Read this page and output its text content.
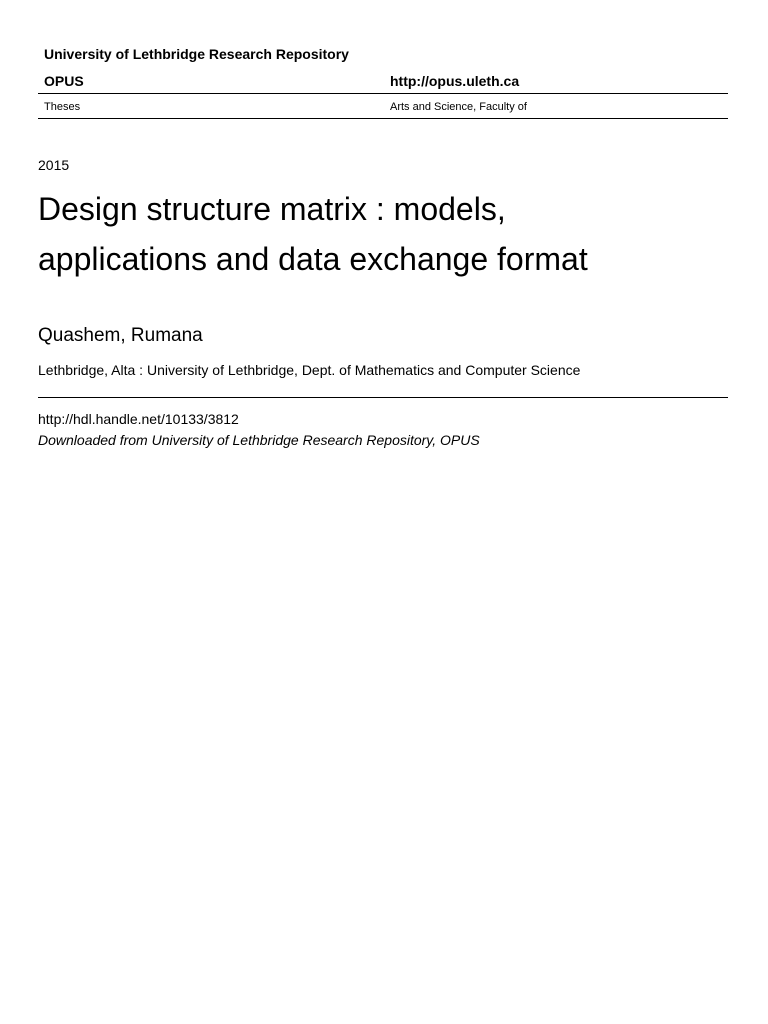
University of Lethbridge Research Repository
OPUS	http://opus.uleth.ca
Theses	Arts and Science, Faculty of
2015
Design structure matrix : models,
applications and data exchange format
Quashem, Rumana
Lethbridge, Alta : University of Lethbridge, Dept. of Mathematics and Computer Science
http://hdl.handle.net/10133/3812
Downloaded from University of Lethbridge Research Repository, OPUS
